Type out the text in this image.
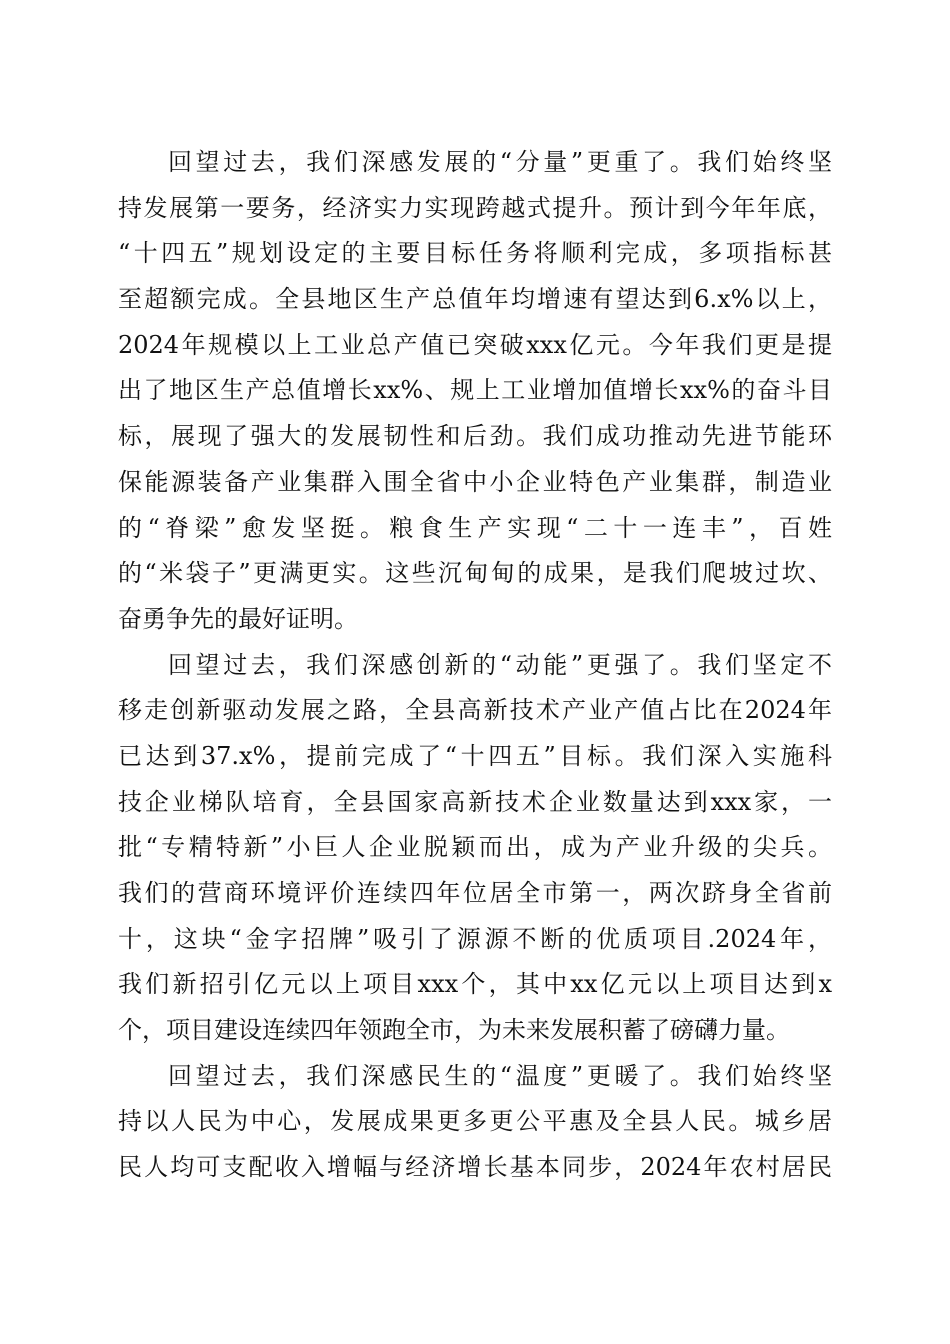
回望过去，我们深感发展的“分量”更重了。我们始终坚
持发展第一要务，经济实力实现跨越式提升。预计到今年年底，
“十四五”规划设定的主要目标任务将顺利完成，多项指标甚
至超额完成。全县地区生产总值年均增速有望达到6.x%以上，
2024年规模以上工业总产值已突破xxx亿元。今年我们更是提
出了地区生产总值增长xx%、规上工业增加值增长xx%的奋斗目
标，展现了强大的发展韧性和后劲。我们成功推动先进节能环
保能源装备产业集群入围全省中小企业特色产业集群，制造业
的“脊梁”愈发坚挺。粮食生产实现“二十一连丰”，百姓
的“米袋子”更满更实。这些沉甸甸的成果，是我们爬坡过坎、
奋勇争先的最好证明。
回望过去，我们深感创新的“动能”更强了。我们坚定不
移走创新驱动发展之路，全县高新技术产业产值占比在2024年
已达到37.x%，提前完成了“十四五”目标。我们深入实施科
技企业梯队培育，全县国家高新技术企业数量达到xxx家，一
批“专精特新”小巨人企业脱颖而出，成为产业升级的尖兵。
我们的营商环境评价连续四年位居全市第一，两次跻身全省前
十，这块“金字招牌”吸引了源源不断的优质项目.2024年，
我们新招引亿元以上项目xxx个，其中xx亿元以上项目达到x
个，项目建设连续四年领跑全市，为未来发展积蓄了磅礴力量。
回望过去，我们深感民生的“温度”更暖了。我们始终坚
持以人民为中心，发展成果更多更公平惠及全县人民。城乡居
民人均可支配收入增幅与经济增长基本同步，2024年农村居民
